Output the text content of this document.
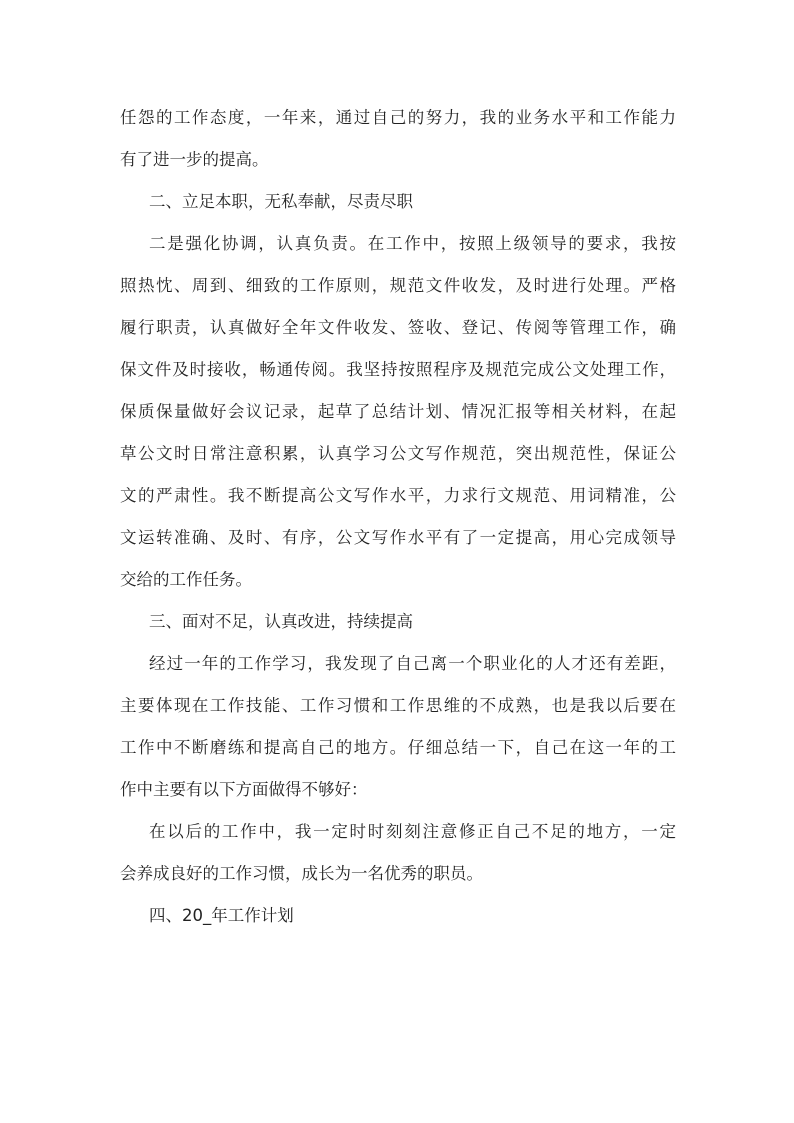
任怨的工作态度，一年来，通过自己的努力，我的业务水平和工作能力
有了进一步的提高。
二、立足本职，无私奉献，尽责尽职
二是强化协调，认真负责。在工作中，按照上级领导的要求，我按
照热忱、周到、细致的工作原则，规范文件收发，及时进行处理。严格
履行职责，认真做好全年文件收发、签收、登记、传阅等管理工作，确
保文件及时接收，畅通传阅。我坚持按照程序及规范完成公文处理工作，
保质保量做好会议记录，起草了总结计划、情况汇报等相关材料，在起
草公文时日常注意积累，认真学习公文写作规范，突出规范性，保证公
文的严肃性。我不断提高公文写作水平，力求行文规范、用词精准，公
文运转准确、及时、有序，公文写作水平有了一定提高，用心完成领导
交给的工作任务。
三、面对不足，认真改进，持续提高
经过一年的工作学习，我发现了自己离一个职业化的人才还有差距，
主要体现在工作技能、工作习惯和工作思维的不成熟，也是我以后要在
工作中不断磨练和提高自己的地方。仔细总结一下，自己在这一年的工
作中主要有以下方面做得不够好：
在以后的工作中，我一定时时刻刻注意修正自己不足的地方，一定
会养成良好的工作习惯，成长为一名优秀的职员。
四、20_年工作计划
